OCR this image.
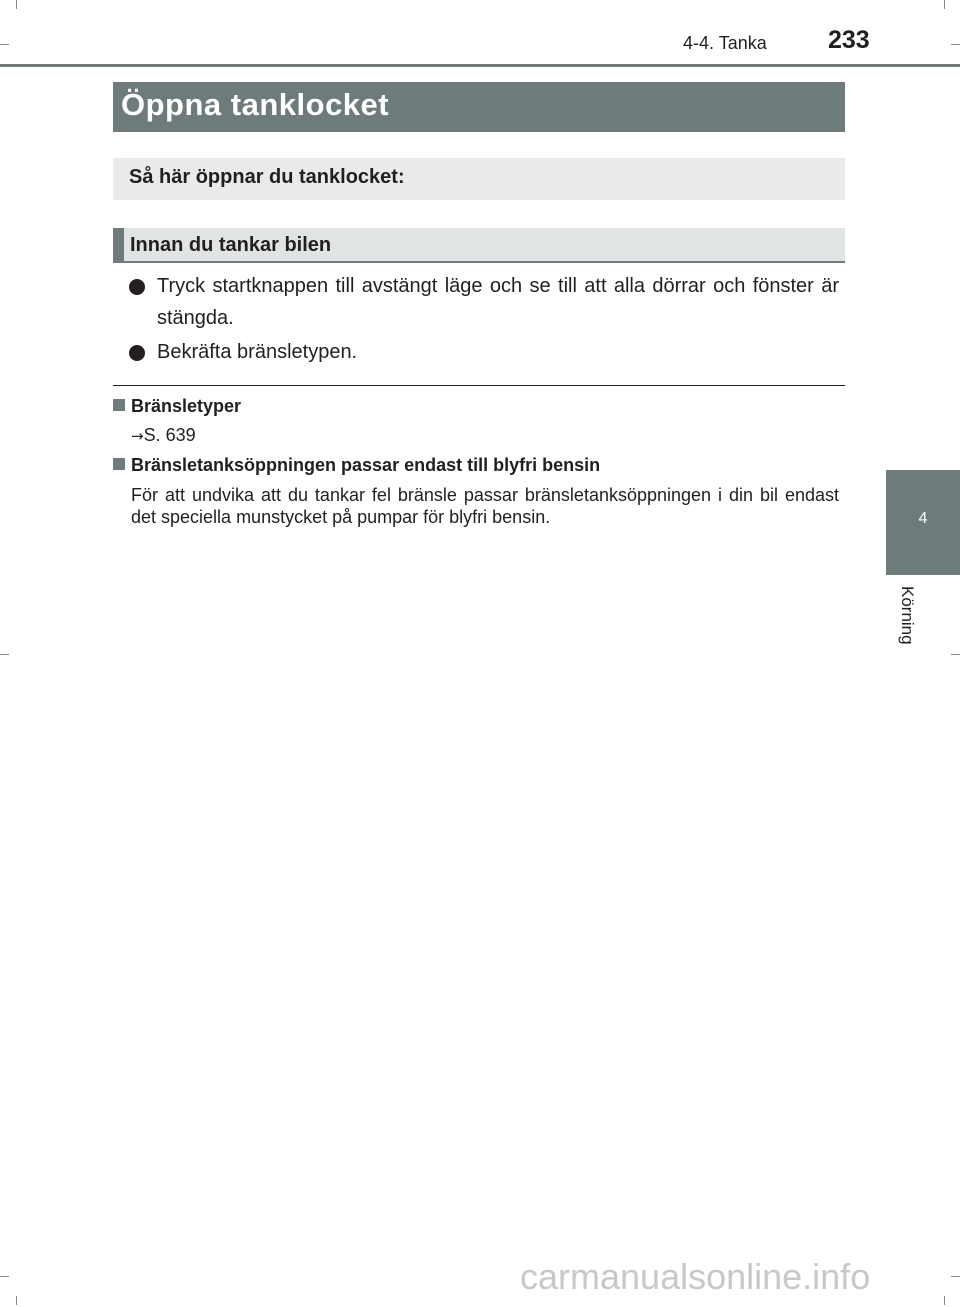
4-4. Tanka 233
Öppna tanklocket
Så här öppnar du tanklocket:
Innan du tankar bilen
Tryck startknappen till avstängt läge och se till att alla dörrar och fönster är stängda.
Bekräfta bränsletypen.
Bränsletyper
→S. 639
Bränsletanksöppningen passar endast till blyfri bensin
För att undvika att du tankar fel bränsle passar bränsletanksöppningen i din bil endast det speciella munstycket på pumpar för blyfri bensin.	4
Körning
carmanualsonline.info
